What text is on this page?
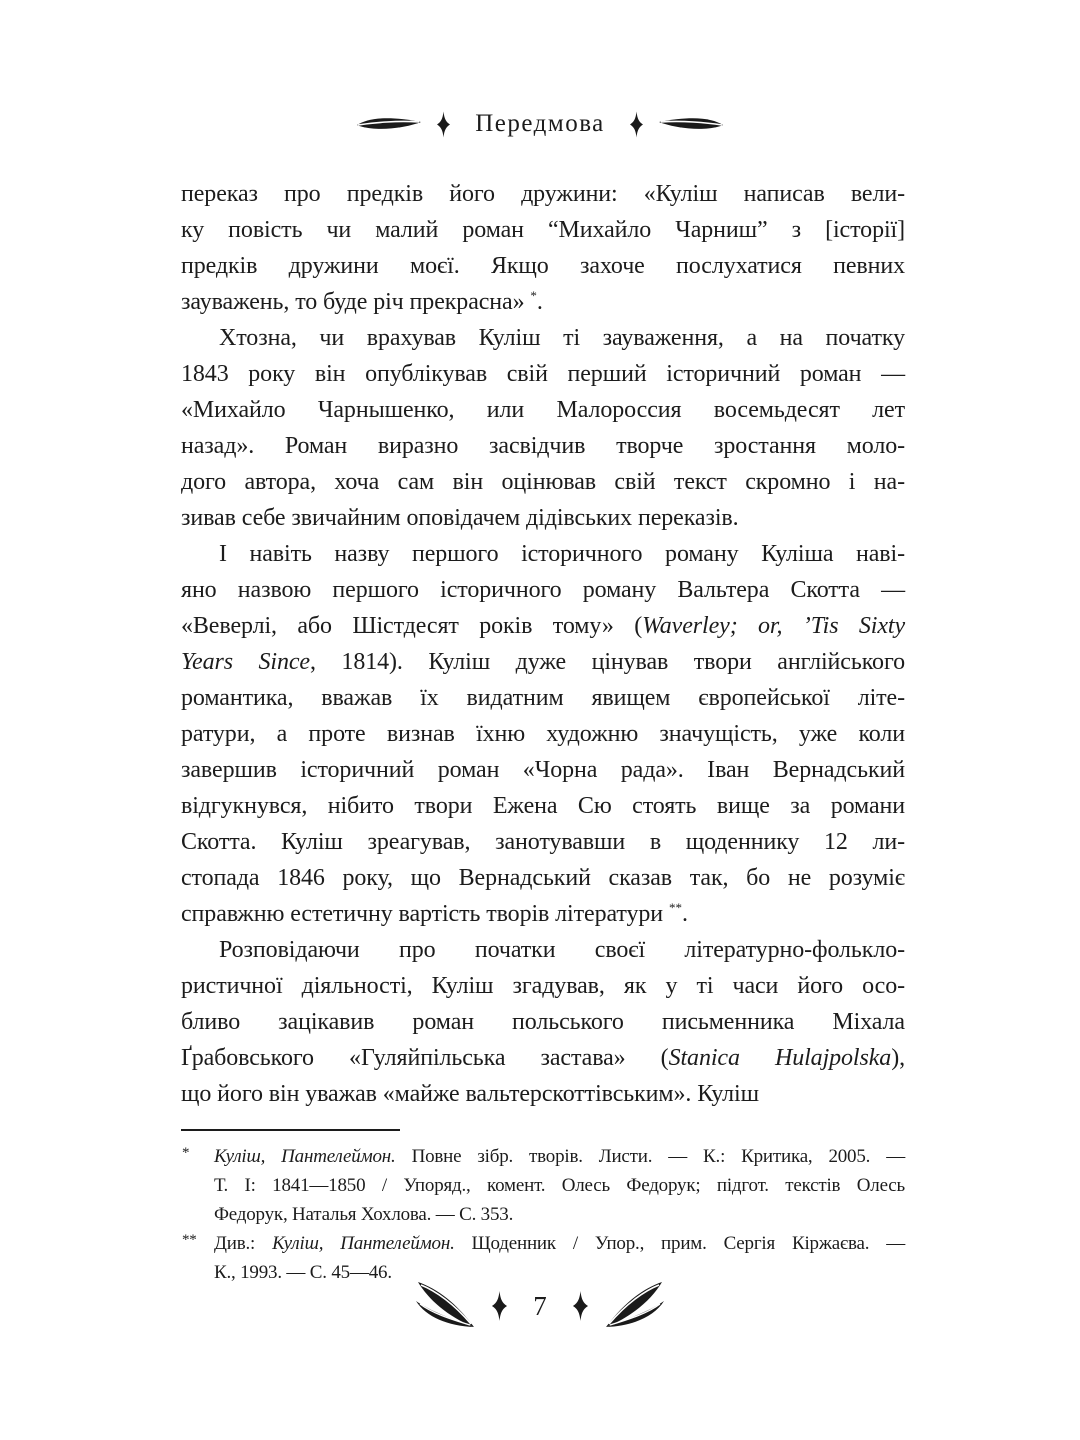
Передмова
переказ про предків його дружини: «Куліш написав вели-
ку повість чи малий роман “Михайло Чарниш” з [історії]
предків дружини моєї. Якщо захоче послухатися певних
зауважень, то буде річ прекрасна» *.
Хтозна, чи врахував Куліш ті зауваження, а на початку
1843 року він опублікував свій перший історичний роман —
«Михайло Чарнышенко, или Малороссия восемьдесят лет
назад». Роман виразно засвідчив творче зростання моло-
дого автора, хоча сам він оцінював свій текст скромно і на-
зивав себе звичайним оповідачем дідівських переказів.
І навіть назву першого історичного роману Куліша наві-
яно назвою першого історичного роману Вальтера Скотта —
«Веверлі, або Шістдесят років тому» (Waverley; or, ’Tis Sixty
Years Since, 1814). Куліш дуже цінував твори англійського
романтика, вважав їх видатним явищем європейської літе-
ратури, а проте визнав їхню художню значущість, уже коли
завершив історичний роман «Чорна рада». Іван Вернадський
відгукнувся, нібито твори Ежена Сю стоять вище за романи
Скотта. Куліш зреагував, занотувавши в щоденнику 12 ли-
стопада 1846 року, що Вернадський сказав так, бо не розуміє
справжню естетичну вартість творів літератури **.
Розповідаючи про початки своєї літературно-фолькло-
ристичної діяльності, Куліш згадував, як у ті часи його осо-
бливо зацікавив роман польського письменника Міхала
Ґрабовського «Гуляйпільська застава» (Stanica Hulajpolska),
що його він уважав «майже вальтерскоттівським». Куліш
* Куліш, Пантелеймон. Повне зібр. творів. Листи. — К.: Критика, 2005. —
Т. І: 1841—1850 / Упоряд., комент. Олесь Федорук; підгот. текстів Олесь
Федорук, Наталья Хохлова. — С. 353.
** Див.: Куліш, Пантелеймон. Щоденник / Упор., прим. Сергія Кіржаєва. —
К., 1993. — С. 45—46.
7
